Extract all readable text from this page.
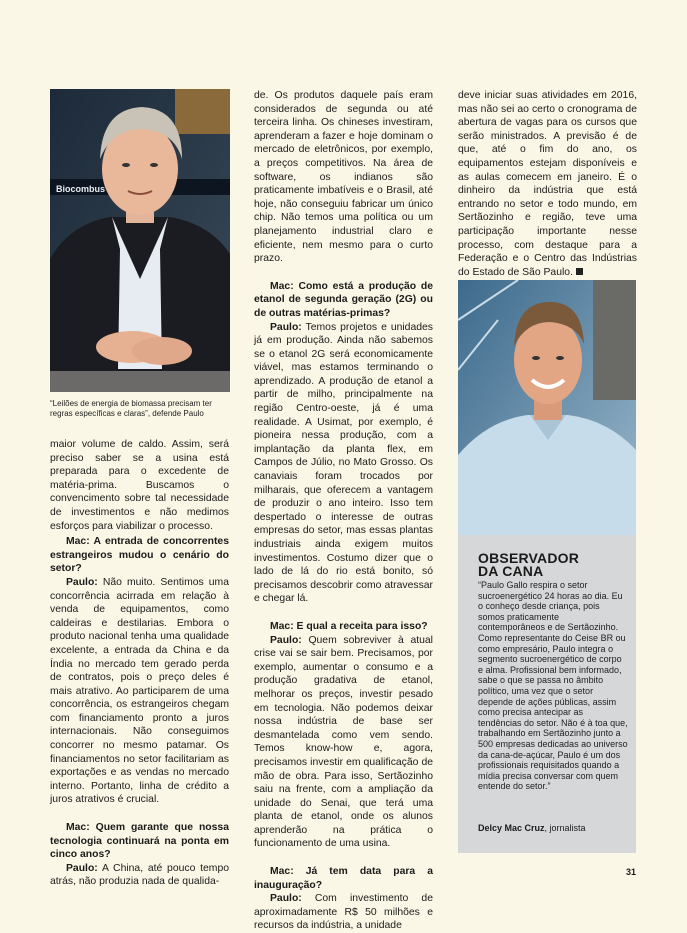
Biocombus
“Leilões de energia de biomassa precisam ter regras específicas e claras”, defende Paulo

maior volume de caldo. Assim, será preciso saber se a usina está preparada para o excedente de matéria-prima. Buscamos o convencimento sobre tal necessidade de investimentos e não medimos esforços para viabilizar o processo.

Mac: A entrada de concorrentes estrangeiros mudou o cenário do setor?

Paulo: Não muito. Sentimos uma concorrência acirrada em relação à venda de equipamentos, como caldeiras e destilarias. Embora o produto nacional tenha uma qualidade excelente, a entrada da China e da Índia no mercado tem gerado perda de contratos, pois o preço deles é mais atrativo. Ao participarem de uma concorrência, os estrangeiros chegam com financiamento pronto a juros internacionais. Não conseguimos concorrer no mesmo patamar. Os financiamentos no setor facilitariam as exportações e as vendas no mercado interno. Portanto, linha de crédito a juros atrativos é crucial.

Mac: Quem garante que nossa tecnologia continuará na ponta em cinco anos?

Paulo: A China, até pouco tempo atrás, não produzia nada de qualida-

de. Os produtos daquele país eram considerados de segunda ou até terceira linha. Os chineses investiram, aprenderam a fazer e hoje dominam o mercado de eletrônicos, por exemplo, a preços competitivos. Na área de software, os indianos são praticamente imbatíveis e o Brasil, até hoje, não conseguiu fabricar um único chip. Não temos uma política ou um planejamento industrial claro e eficiente, nem mesmo para o curto prazo.

Mac: Como está a produção de etanol de segunda geração (2G) ou de outras matérias-primas?

Paulo: Temos projetos e unidades já em produção. Ainda não sabemos se o etanol 2G será economicamente viável, mas estamos terminando o aprendizado. A produção de etanol a partir de milho, principalmente na região Centro-oeste, já é uma realidade. A Usimat, por exemplo, é pioneira nessa produção, com a implantação da planta flex, em Campos de Júlio, no Mato Grosso. Os canaviais foram trocados por milharais, que oferecem a vantagem de produzir o ano inteiro. Isso tem despertado o interesse de outras empresas do setor, mas essas plantas industriais ainda exigem muitos investimentos. Costumo dizer que o lado de lá do rio está bonito, só precisamos descobrir como atravessar e chegar lá.

Mac: E qual a receita para isso?

Paulo: Quem sobreviver à atual crise vai se sair bem. Precisamos, por exemplo, aumentar o consumo e a produção gradativa de etanol, melhorar os preços, investir pesado em tecnologia. Não podemos deixar nossa indústria de base ser desmantelada como vem sendo. Temos know-how e, agora, precisamos investir em qualificação de mão de obra. Para isso, Sertãozinho saiu na frente, com a ampliação da unidade do Senai, que terá uma planta de etanol, onde os alunos aprenderão na prática o funcionamento de uma usina.

Mac: Já tem data para a inauguração?

Paulo: Com investimento de aproximadamente R$ 50 milhões e recursos da indústria, a unidade

deve iniciar suas atividades em 2016, mas não sei ao certo o cronograma de abertura de vagas para os cursos que serão ministrados. A previsão é de que, até o fim do ano, os equipamentos estejam disponíveis e as aulas comecem em janeiro. É o dinheiro da indústria que está entrando no setor e todo mundo, em Sertãozinho e região, teve uma participação importante nesse processo, com destaque para a Federação e o Centro das Indústrias do Estado de São Paulo.

OBSERVADOR
DA CANA
“Paulo Gallo respira o setor sucroenergético 24 horas ao dia. Eu o conheço desde criança, pois somos praticamente contemporâneos e de Sertãozinho. Como representante do Ceise BR ou como empresário, Paulo integra o segmento sucroenergético de corpo e alma. Profissional bem informado, sabe o que se passa no âmbito político, uma vez que o setor depende de ações públicas, assim como precisa antecipar as tendências do setor. Não é à toa que, trabalhando em Sertãozinho junto a 500 empresas dedicadas ao universo da cana-de-açúcar, Paulo é um dos profissionais requisitados quando a mídia precisa conversar com quem entende do setor.”
Delcy Mac Cruz, jornalista
31
